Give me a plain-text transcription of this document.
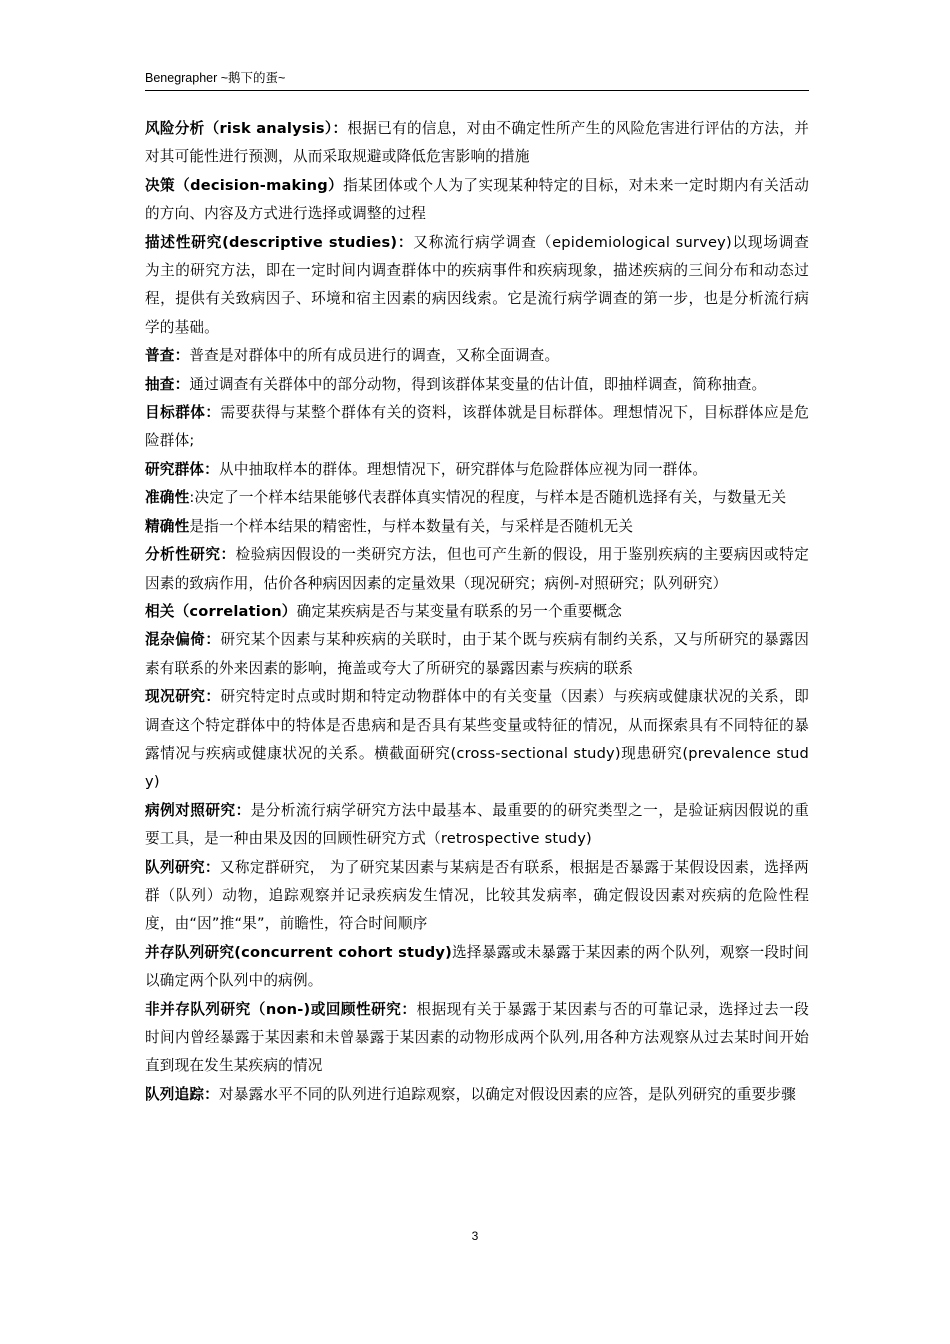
Benegrapher ~鹅下的蛋~

风险分析（risk analysis）：根据已有的信息，对由不确定性所产生的风险危害进行评估的方法，并对其可能性进行预测，从而采取规避或降低危害影响的措施

决策（decision-making）指某团体或个人为了实现某种特定的目标，对未来一定时期内有关活动的方向、内容及方式进行选择或调整的过程

描述性研究(descriptive studies)：又称流行病学调查（epidemiological survey)以现场调查为主的研究方法，即在一定时间内调查群体中的疾病事件和疾病现象，描述疾病的三间分布和动态过程，提供有关致病因子、环境和宿主因素的病因线索。它是流行病学调查的第一步，也是分析流行病学的基础。

普查：普查是对群体中的所有成员进行的调查，又称全面调查。

抽查：通过调查有关群体中的部分动物，得到该群体某变量的估计值，即抽样调查，简称抽查。

目标群体：需要获得与某整个群体有关的资料，该群体就是目标群体。理想情况下，目标群体应是危险群体;

研究群体：从中抽取样本的群体。理想情况下，研究群体与危险群体应视为同一群体。

准确性:决定了一个样本结果能够代表群体真实情况的程度，与样本是否随机选择有关，与数量无关

精确性是指一个样本结果的精密性，与样本数量有关，与采样是否随机无关

分析性研究：检验病因假设的一类研究方法，但也可产生新的假设，用于鉴别疾病的主要病因或特定因素的致病作用，估价各种病因因素的定量效果（现况研究；病例-对照研究；队列研究）

相关（correlation）确定某疾病是否与某变量有联系的另一个重要概念

混杂偏倚：研究某个因素与某种疾病的关联时，由于某个既与疾病有制约关系，又与所研究的暴露因素有联系的外来因素的影响，掩盖或夸大了所研究的暴露因素与疾病的联系

现况研究：研究特定时点或时期和特定动物群体中的有关变量（因素）与疾病或健康状况的关系，即调查这个特定群体中的特体是否患病和是否具有某些变量或特征的情况，从而探索具有不同特征的暴露情况与疾病或健康状况的关系。横截面研究(cross-sectional study)现患研究(prevalence study)

病例对照研究：是分析流行病学研究方法中最基本、最重要的的研究类型之一，是验证病因假说的重要工具，是一种由果及因的回顾性研究方式（retrospective study)

队列研究：又称定群研究， 为了研究某因素与某病是否有联系，根据是否暴露于某假设因素，选择两群（队列）动物，追踪观察并记录疾病发生情况，比较其发病率，确定假设因素对疾病的危险性程度，由“因”推“果”，前瞻性，符合时间顺序

并存队列研究(concurrent cohort study)选择暴露或未暴露于某因素的两个队列，观察一段时间以确定两个队列中的病例。

非并存队列研究（non-)或回顾性研究：根据现有关于暴露于某因素与否的可靠记录，选择过去一段时间内曾经暴露于某因素和未曾暴露于某因素的动物形成两个队列,用各种方法观察从过去某时间开始直到现在发生某疾病的情况

队列追踪：对暴露水平不同的队列进行追踪观察，以确定对假设因素的应答，是队列研究的重要步骤

3
